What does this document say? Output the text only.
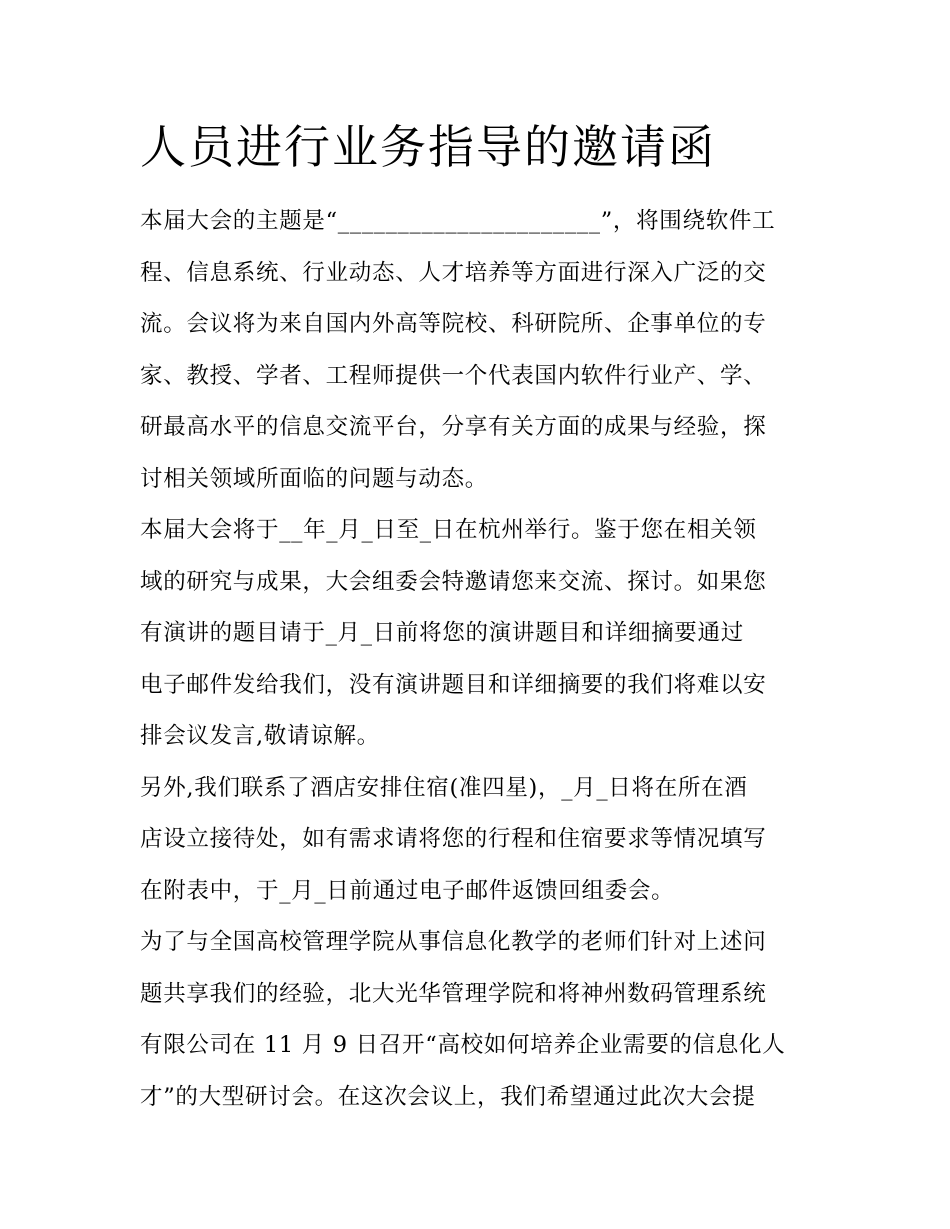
人员进行业务指导的邀请函

本届大会的主题是“______________________”，将围绕软件工
程、信息系统、行业动态、人才培养等方面进行深入广泛的交
流。会议将为来自国内外高等院校、科研院所、企事单位的专
家、教授、学者、工程师提供一个代表国内软件行业产、学、
研最高水平的信息交流平台，分享有关方面的成果与经验，探
讨相关领域所面临的问题与动态。

本届大会将于__年_月_日至_日在杭州举行。鉴于您在相关领
域的研究与成果，大会组委会特邀请您来交流、探讨。如果您
有演讲的题目请于_月_日前将您的演讲题目和详细摘要通过
电子邮件发给我们，没有演讲题目和详细摘要的我们将难以安
排会议发言,敬请谅解。

另外,我们联系了酒店安排住宿(准四星)，_月_日将在所在酒
店设立接待处，如有需求请将您的行程和住宿要求等情况填写
在附表中，于_月_日前通过电子邮件返馈回组委会。

为了与全国高校管理学院从事信息化教学的老师们针对上述问
题共享我们的经验，北大光华管理学院和将神州数码管理系统
有限公司在 11 月 9 日召开“高校如何培养企业需要的信息化人
才”的大型研讨会。在这次会议上，我们希望通过此次大会提
